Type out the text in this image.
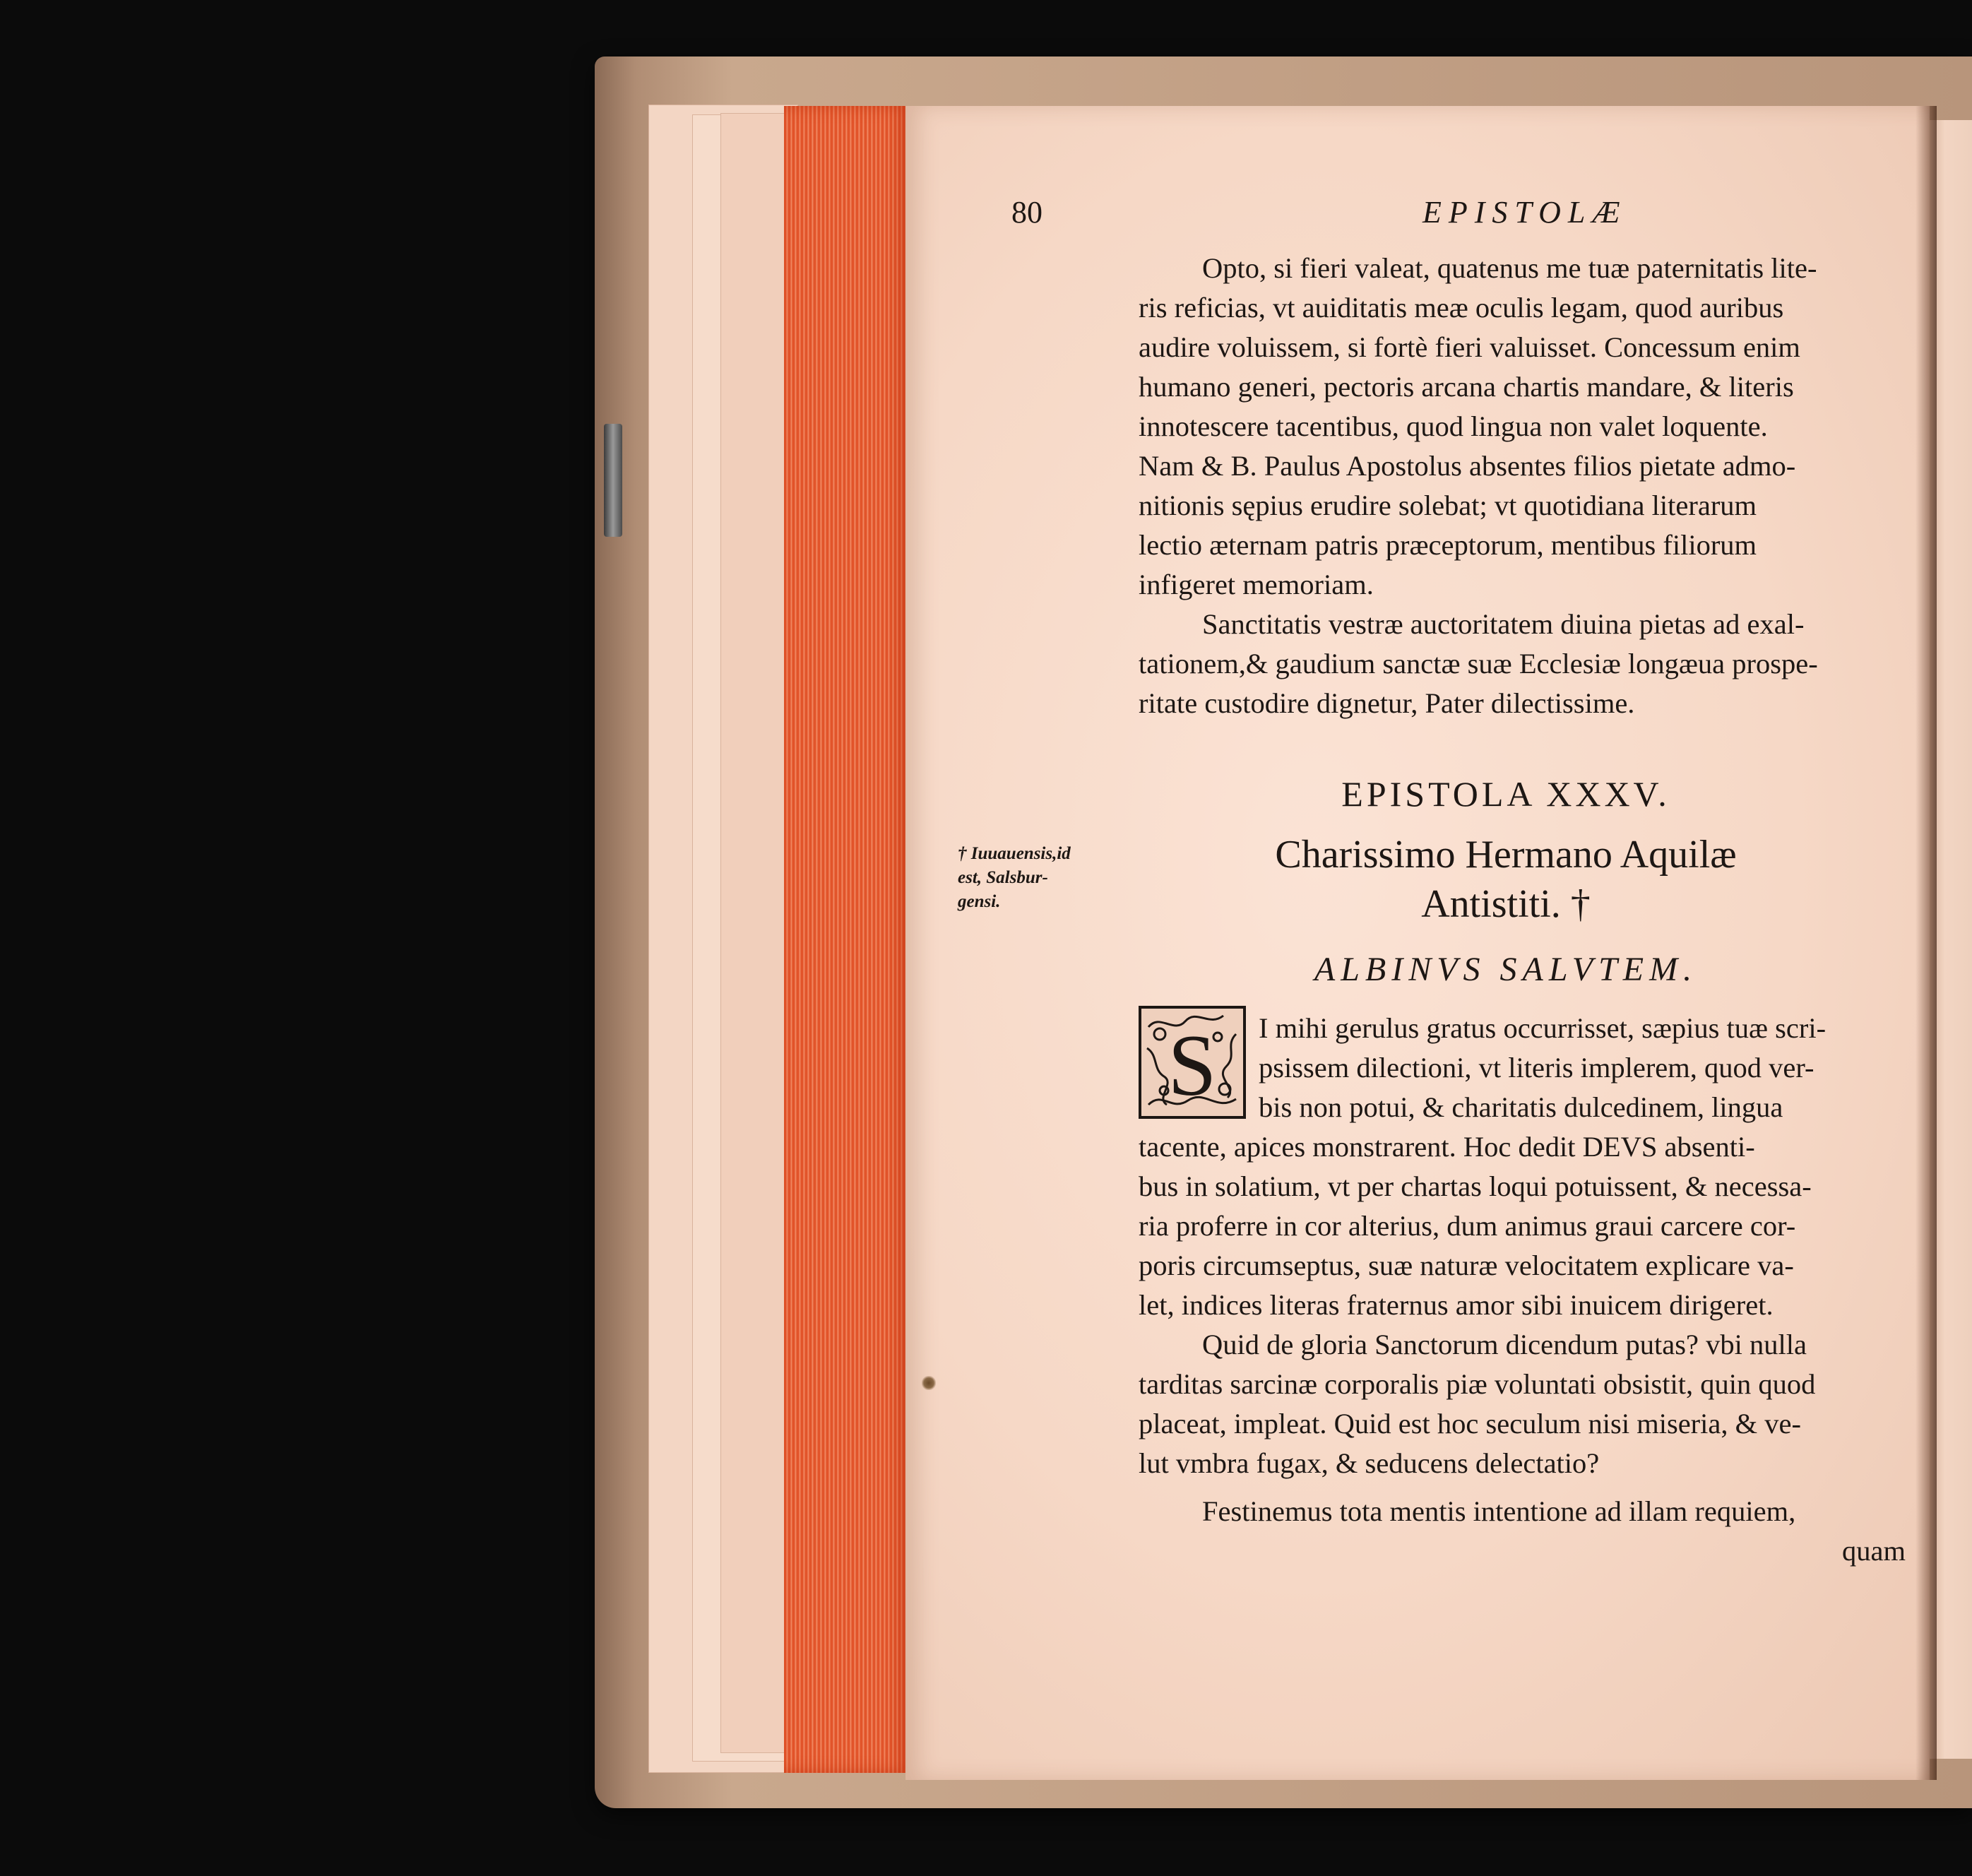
80	EPISTOLÆ
Opto, si fieri valeat, quatenus me tuæ paternitatis lite-
ris reficias, vt auiditatis meæ oculis legam, quod auribus
audire voluissem, si fortè fieri valuisset. Concessum enim
humano generi, pectoris arcana chartis mandare, & literis
innotescere tacentibus, quod lingua non valet loquente.
Nam & B. Paulus Apostolus absentes filios pietate admo-
nitionis sępius erudire solebat; vt quotidiana literarum
lectio æternam patris præceptorum, mentibus filiorum
infigeret memoriam.
Sanctitatis vestræ auctoritatem diuina pietas ad exal-
tationem,& gaudium sanctæ suæ Ecclesiæ longæua prospe-
ritate custodire dignetur, Pater dilectissime.
EPISTOLA XXXV.
Charissimo Hermano Aquilæ
Antistiti. †
ALBINVS SALVTEM.
† Iuuauensis,id
est, Salsbur-
gensi.
S I mihi gerulus gratus occurrisset, sæpius tuæ scri-
psissem dilectioni, vt literis implerem, quod ver-
bis non potui, & charitatis dulcedinem, lingua
tacente, apices monstrarent. Hoc dedit DEVS absenti-
bus in solatium, vt per chartas loqui potuissent, & necessa-
ria proferre in cor alterius, dum animus graui carcere cor-
poris circumseptus, suæ naturæ velocitatem explicare va-
let, indices literas fraternus amor sibi inuicem dirigeret.
Quid de gloria Sanctorum dicendum putas? vbi nulla
tarditas sarcinæ corporalis piæ voluntati obsistit, quin quod
placeat, impleat. Quid est hoc seculum nisi miseria, & ve-
lut vmbra fugax, & seducens delectatio?
Festinemus tota mentis intentione ad illam requiem,
quam
